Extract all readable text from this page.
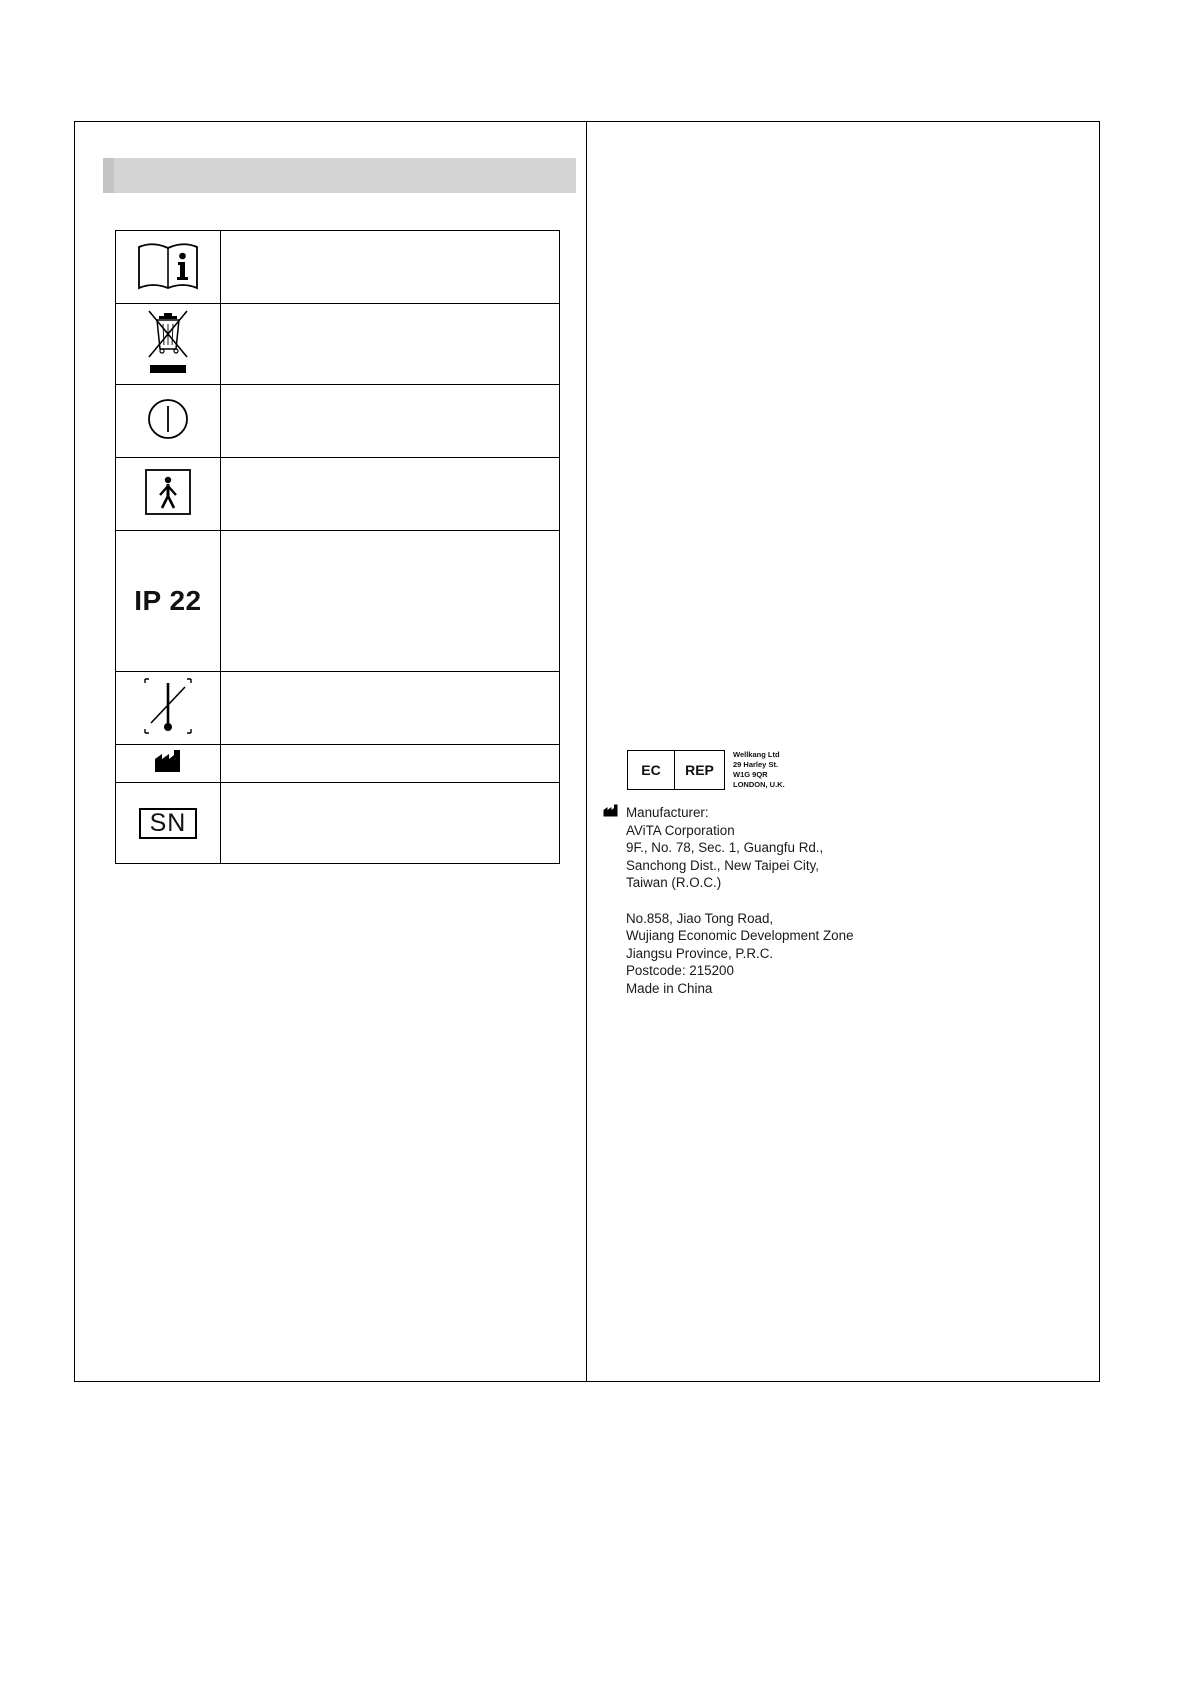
IP 22	

SN	
EC	REP
Wellkang Ltd
29 Harley St.
W1G 9QR
LONDON, U.K.
Manufacturer:
AViTA Corporation
9F., No. 78, Sec. 1, Guangfu Rd.,
Sanchong Dist., New Taipei City,
Taiwan (R.O.C.)
No.858, Jiao Tong Road,
Wujiang Economic Development Zone
Jiangsu Province, P.R.C.
Postcode: 215200
Made in China
